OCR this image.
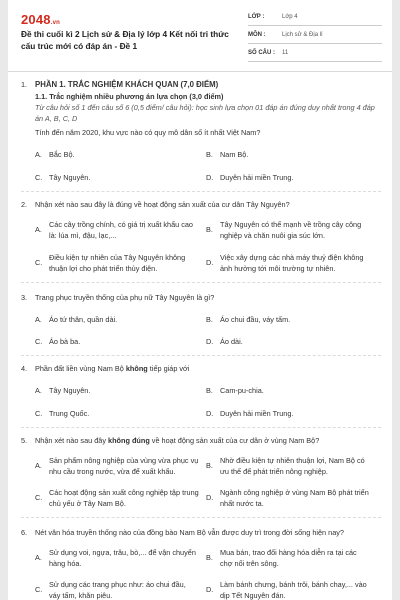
2048.vn
Đề thi cuối kì 2 Lịch sử & Địa lý lớp 4 Kết nối tri thức cấu trúc mới có đáp án - Đề 1
LỚP :	Lớp 4
MÔN :	Lịch sử & Địa lí
SỐ CÂU :	11
1. PHẦN 1. TRẮC NGHIỆM KHÁCH QUAN (7,0 ĐIỂM)
1.1. Trắc nghiệm nhiều phương án lựa chọn (3,0 điểm)
Từ câu hỏi số 1 đến câu số 6 (0,5 điểm/ câu hỏi): học sinh lựa chọn 01 đáp án đúng duy nhất trong 4 đáp án A, B, C, D
Tính đến năm 2020, khu vực nào có quy mô dân số ít nhất Việt Nam?
A. Bắc Bộ.	B. Nam Bộ.
C. Tây Nguyên.	D. Duyên hải miền Trung.
2. Nhận xét nào sau đây là đúng về hoạt động sản xuất của cư dân Tây Nguyên?
A.
Các cây trồng chính, có giá trị xuất khẩu cao là: lúa mì, đậu, lạc,...
B.
Tây Nguyên có thế mạnh về trồng cây công nghiệp và chăn nuôi gia súc lớn.
C.
Điều kiện tự nhiên của Tây Nguyên không thuận lợi cho phát triển thủy điện.
D.
Việc xây dựng các nhà máy thuỷ điện không ảnh hưởng tới môi trường tự nhiên.
3. Trang phục truyền thống của phụ nữ Tây Nguyên là gì?
A. Áo tứ thân, quần dài.	B. Áo chui đầu, váy tấm.
C. Áo bà ba.	D. Áo dài.
4. Phần đất liền vùng Nam Bộ không tiếp giáp với
A. Tây Nguyên.	B. Cam-pu-chia.
C. Trung Quốc.	D. Duyên hải miền Trung.
5. Nhận xét nào sau đây không đúng về hoạt động sản xuất của cư dân ở vùng Nam Bộ?
A.
Sản phẩm nông nghiệp của vùng vừa phục vụ nhu cầu trong nước, vừa để xuất khẩu.
B.
Nhờ điều kiện tự nhiên thuận lợi, Nam Bộ có ưu thế để phát triển nông nghiệp.
C.
Các hoạt động sản xuất công nghiệp tập trung chủ yếu ở Tây Nam Bộ.
D.
Ngành công nghiệp ở vùng Nam Bộ phát triển nhất nước ta.
6. Nét văn hóa truyền thống nào của đồng bào Nam Bộ vẫn được duy trì trong đời sống hiện nay?
A.
Sử dụng voi, ngựa, trâu, bò,... để vận chuyển hàng hóa.
B.
Mua bán, trao đổi hàng hóa diễn ra tại các chợ nổi trên sông.
C.
Sử dụng các trang phục như: áo chui đầu, váy tấm, khăn piêu.
D.
Làm bánh chưng, bánh trôi, bánh chay,... vào dịp Tết Nguyên đán.
